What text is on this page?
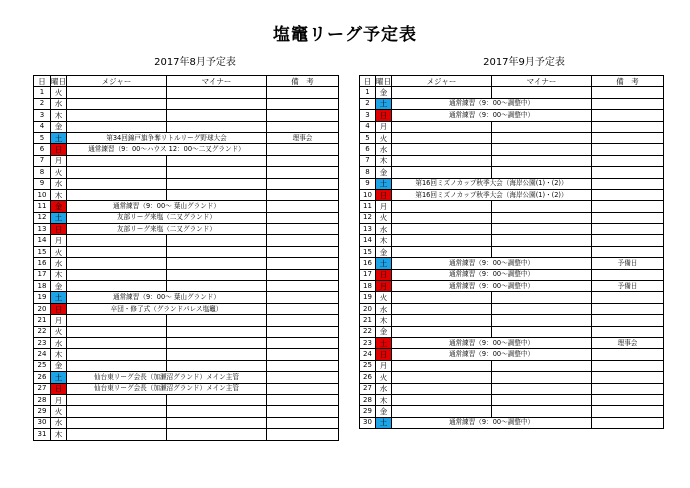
塩竈リーグ予定表
2017年8月予定表	2017年9月予定表
日	曜日	メジャー	マイナー	備　考
1	火			
2	水			
3	木			
4	金			
5	土	第34回錦戸旗争奪リトルリーグ野球大会		理事会
6	日	通常練習（9：00～ハウス 12：00～二又グランド）		
7	月			
8	火			
9	水			
10	木			
11	金	通常練習（9：00～ 葉山グランド）		
12	土	友部リーグ来塩（二又グランド）		
13	日	友部リーグ来塩（二又グランド）		
14	月			
15	火			
16	水			
17	木			
18	金			
19	土	通常練習（9：00～ 葉山グランド）		
20	日	卒団・修了式（グランドパレス塩竈）		
21	月			
22	火			
23	水			
24	木			
25	金			
26	土	仙台東リーグ会長（加瀬沼グランド）メイン主管		
27	日	仙台東リーグ会長（加瀬沼グランド）メイン主管		
28	月			
29	火			
30	水			
31	木			
日	曜日	メジャー	マイナー	備　考
1	金			
2	土	通常練習（9：00～調整中）		
3	日	通常練習（9：00～調整中）		
4	月			
5	火			
6	水			
7	木			
8	金			
9	土	第16回ミズノカップ秋季大会（海岸公園(1)・(2)）		
10	日	第16回ミズノカップ秋季大会（海岸公園(1)・(2)）		
11	月			
12	火			
13	水			
14	木			
15	金			
16	土	通常練習（9：00～調整中）		予備日
17	日	通常練習（9：00～調整中）		
18	月	通常練習（9：00～調整中）		予備日
19	火			
20	水			
21	木			
22	金			
23	土	通常練習（9：00～調整中）		理事会
24	日	通常練習（9：00～調整中）		
25	月			
26	火			
27	水			
28	木			
29	金			
30	土	通常練習（9：00～調整中）		
